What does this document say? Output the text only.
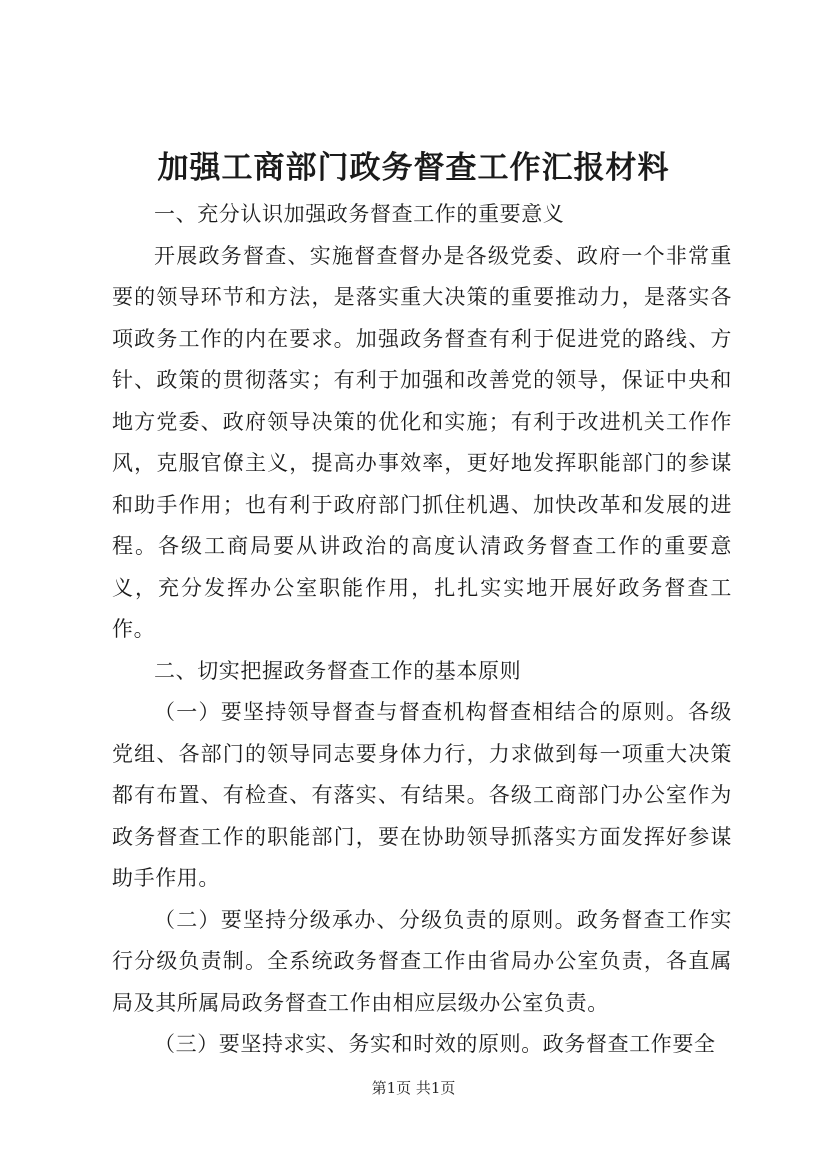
加强工商部门政务督查工作汇报材料

一、充分认识加强政务督查工作的重要意义

开展政务督查、实施督查督办是各级党委、政府一个非常重要的领导环节和方法，是落实重大决策的重要推动力，是落实各项政务工作的内在要求。加强政务督查有利于促进党的路线、方针、政策的贯彻落实；有利于加强和改善党的领导，保证中央和地方党委、政府领导决策的优化和实施；有利于改进机关工作作风，克服官僚主义，提高办事效率，更好地发挥职能部门的参谋和助手作用；也有利于政府部门抓住机遇、加快改革和发展的进程。各级工商局要从讲政治的高度认清政务督查工作的重要意义，充分发挥办公室职能作用，扎扎实实地开展好政务督查工作。

二、切实把握政务督查工作的基本原则

（一）要坚持领导督查与督查机构督查相结合的原则。各级党组、各部门的领导同志要身体力行，力求做到每一项重大决策都有布置、有检查、有落实、有结果。各级工商部门办公室作为政务督查工作的职能部门，要在协助领导抓落实方面发挥好参谋助手作用。

（二）要坚持分级承办、分级负责的原则。政务督查工作实行分级负责制。全系统政务督查工作由省局办公室负责，各直属局及其所属局政务督查工作由相应层级办公室负责。

（三）要坚持求实、务实和时效的原则。政务督查工作要全

第1页 共1页
